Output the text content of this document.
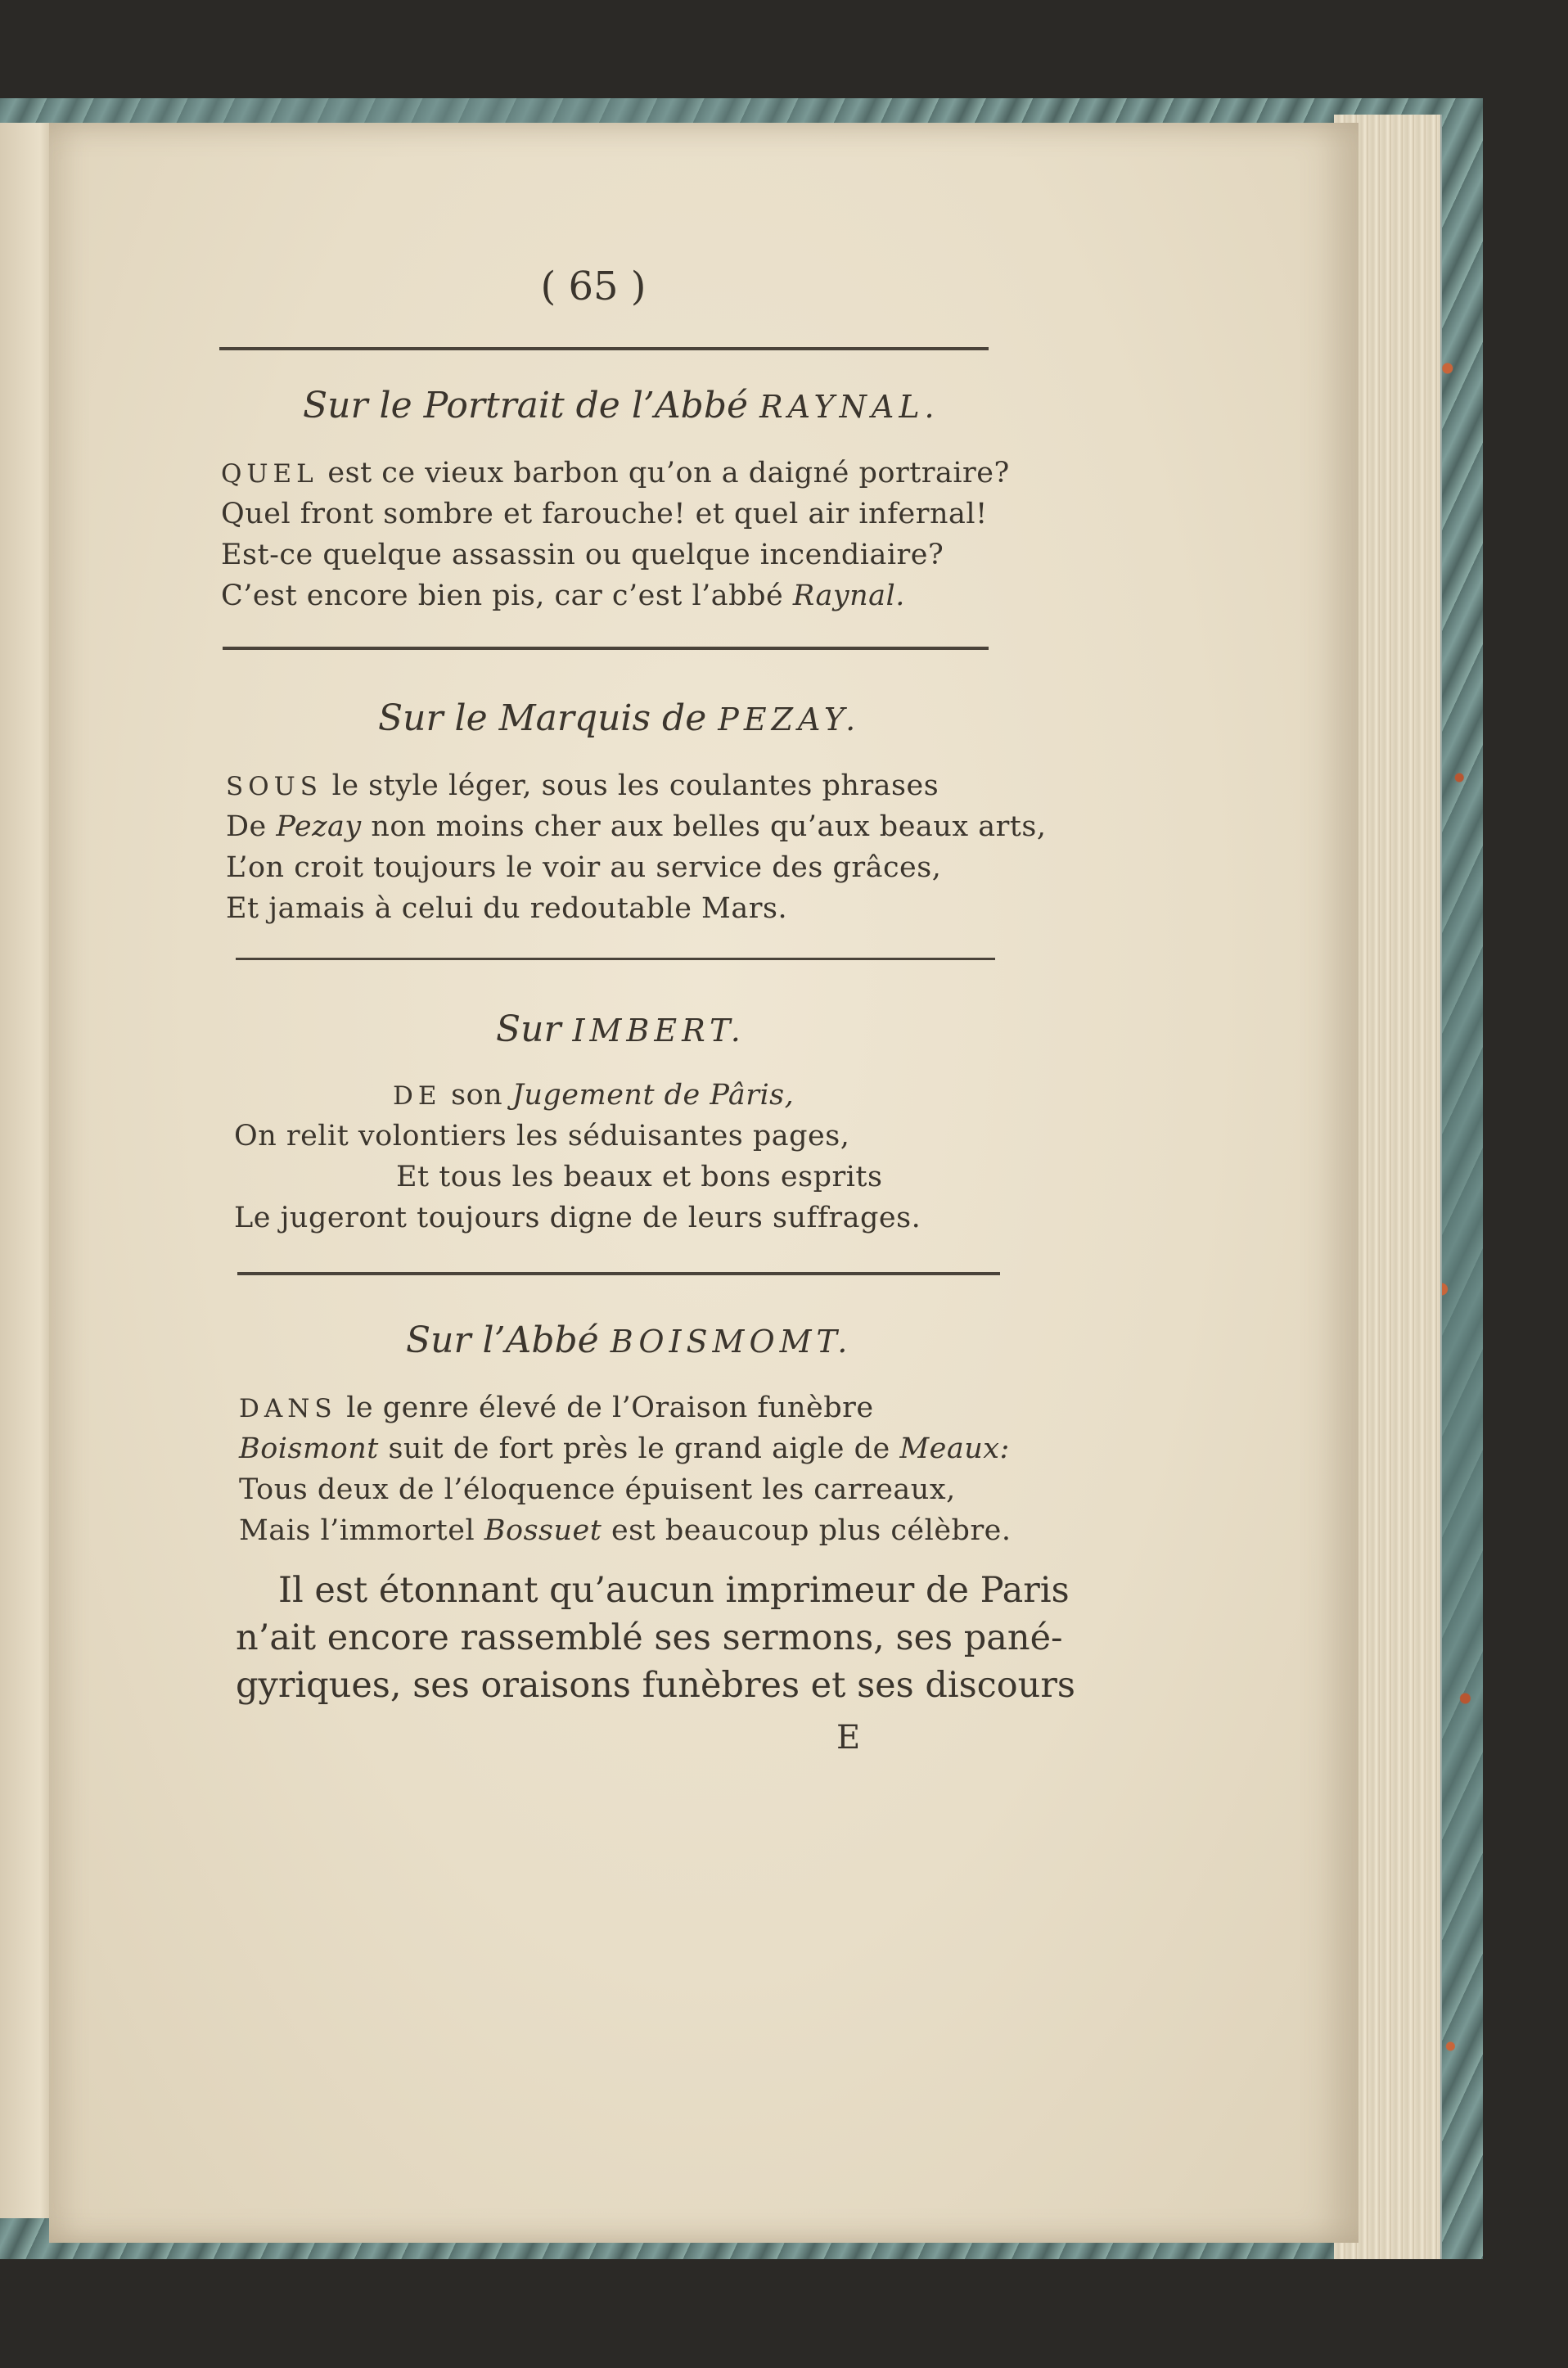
( 65 )
Sur le Portrait de l’Abbé RAYNAL.
QUEL est ce vieux barbon qu’on a daigné portraire?
Quel front sombre et farouche! et quel air infernal!
Est-ce quelque assassin ou quelque incendiaire?
C’est encore bien pis, car c’est l’abbé Raynal.
Sur le Marquis de PEZAY.
SOUS le style léger, sous les coulantes phrases
De Pezay non moins cher aux belles qu’aux beaux arts,
L’on croit toujours le voir au service des grâces,
Et jamais à celui du redoutable Mars.
Sur IMBERT.
DE son Jugement de Pâris,
On relit volontiers les séduisantes pages,
Et tous les beaux et bons esprits
Le jugeront toujours digne de leurs suffrages.
Sur l’Abbé BOISMOMT.
DANS le genre élevé de l’Oraison funèbre
Boismont suit de fort près le grand aigle de Meaux:
Tous deux de l’éloquence épuisent les carreaux,
Mais l’immortel Bossuet est beaucoup plus célèbre.
Il est étonnant qu’aucun imprimeur de Paris
n’ait encore rassemblé ses sermons, ses pané-
gyriques, ses oraisons funèbres et ses discours
E
